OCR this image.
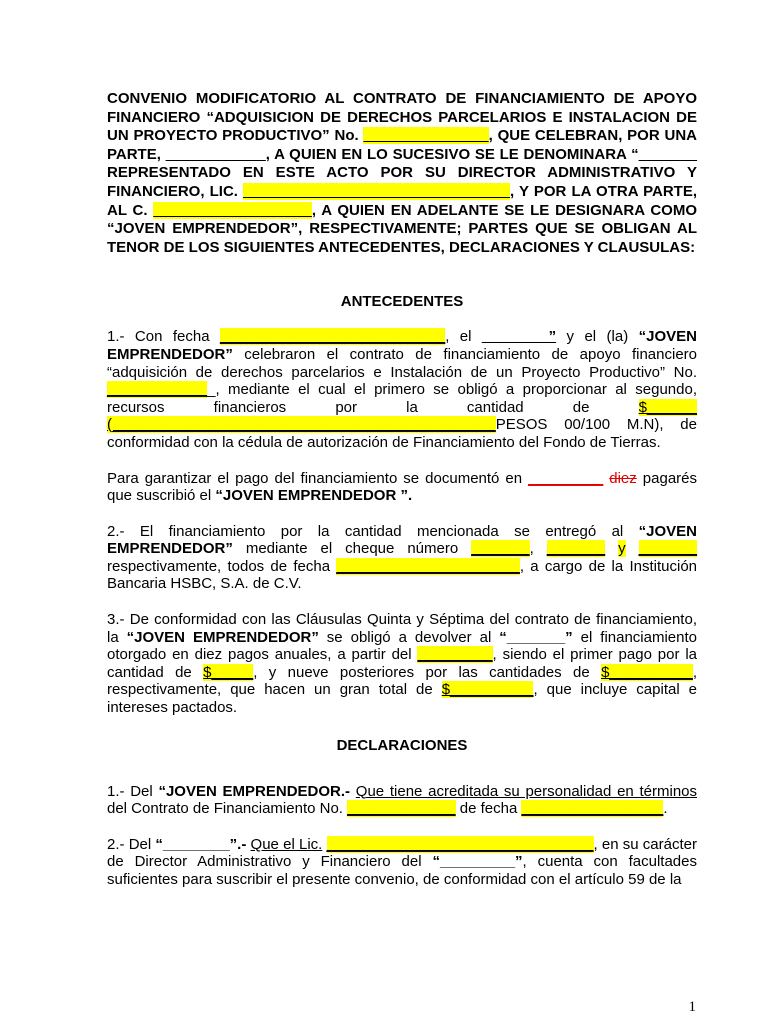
CONVENIO MODIFICATORIO AL CONTRATO DE FINANCIAMIENTO DE APOYO FINANCIERO “ADQUISICION DE DERECHOS PARCELARIOS E INSTALACION DE UN PROYECTO PRODUCTIVO” No. _______________, QUE CELEBRAN, POR UNA PARTE, ____________, A QUIEN EN LO SUCESIVO SE LE DENOMINARA “_______ REPRESENTADO EN ESTE ACTO POR SU DIRECTOR ADMINISTRATIVO Y FINANCIERO, LIC. ________________________________, Y POR LA OTRA PARTE, AL C. ___________________, A QUIEN EN ADELANTE SE LE DESIGNARA COMO “JOVEN EMPRENDEDOR”, RESPECTIVAMENTE; PARTES QUE SE OBLIGAN AL TENOR DE LOS SIGUIENTES ANTECEDENTES, DECLARACIONES Y CLAUSULAS:

ANTECEDENTES

1.- Con fecha ___________________________, el ________” y el (la) “JOVEN EMPRENDEDOR” celebraron el contrato de financiamiento de apoyo financiero “adquisición de derechos parcelarios e Instalación de un Proyecto Productivo” No. _____________, mediante el cual el primero se obligó a proporcionar al segundo, recursos financieros por la cantidad de $______ (______________________________________________PESOS 00/100 M.N), de conformidad con la cédula de autorización de Financiamiento del Fondo de Tierras.

Para garantizar el pago del financiamiento se documentó en _________ diez pagarés que suscribió el “JOVEN EMPRENDEDOR ”.

2.- El financiamiento por la cantidad mencionada se entregó al “JOVEN EMPRENDEDOR” mediante el cheque número _______, _______ y _______ respectivamente, todos de fecha ______________________, a cargo de la Institución Bancaria HSBC, S.A. de C.V.

3.- De conformidad con las Cláusulas Quinta y Séptima del contrato de financiamiento, la “JOVEN EMPRENDEDOR” se obligó a devolver al “_______” el financiamiento otorgado en diez pagos anuales, a partir del _________, siendo el primer pago por la cantidad de $_____, y nueve posteriores por las cantidades de $__________, respectivamente, que hacen un gran total de $__________, que incluye capital e intereses pactados.

DECLARACIONES

1.- Del “JOVEN EMPRENDEDOR.- Que tiene acreditada su personalidad en términos del Contrato de Financiamiento No. _____________ de fecha _________________.

2.- Del “________”.- Que el Lic. ________________________________, en su carácter de Director Administrativo y Financiero del “_________”, cuenta con facultades suficientes para suscribir el presente convenio, de conformidad con el artículo 59 de la

1
